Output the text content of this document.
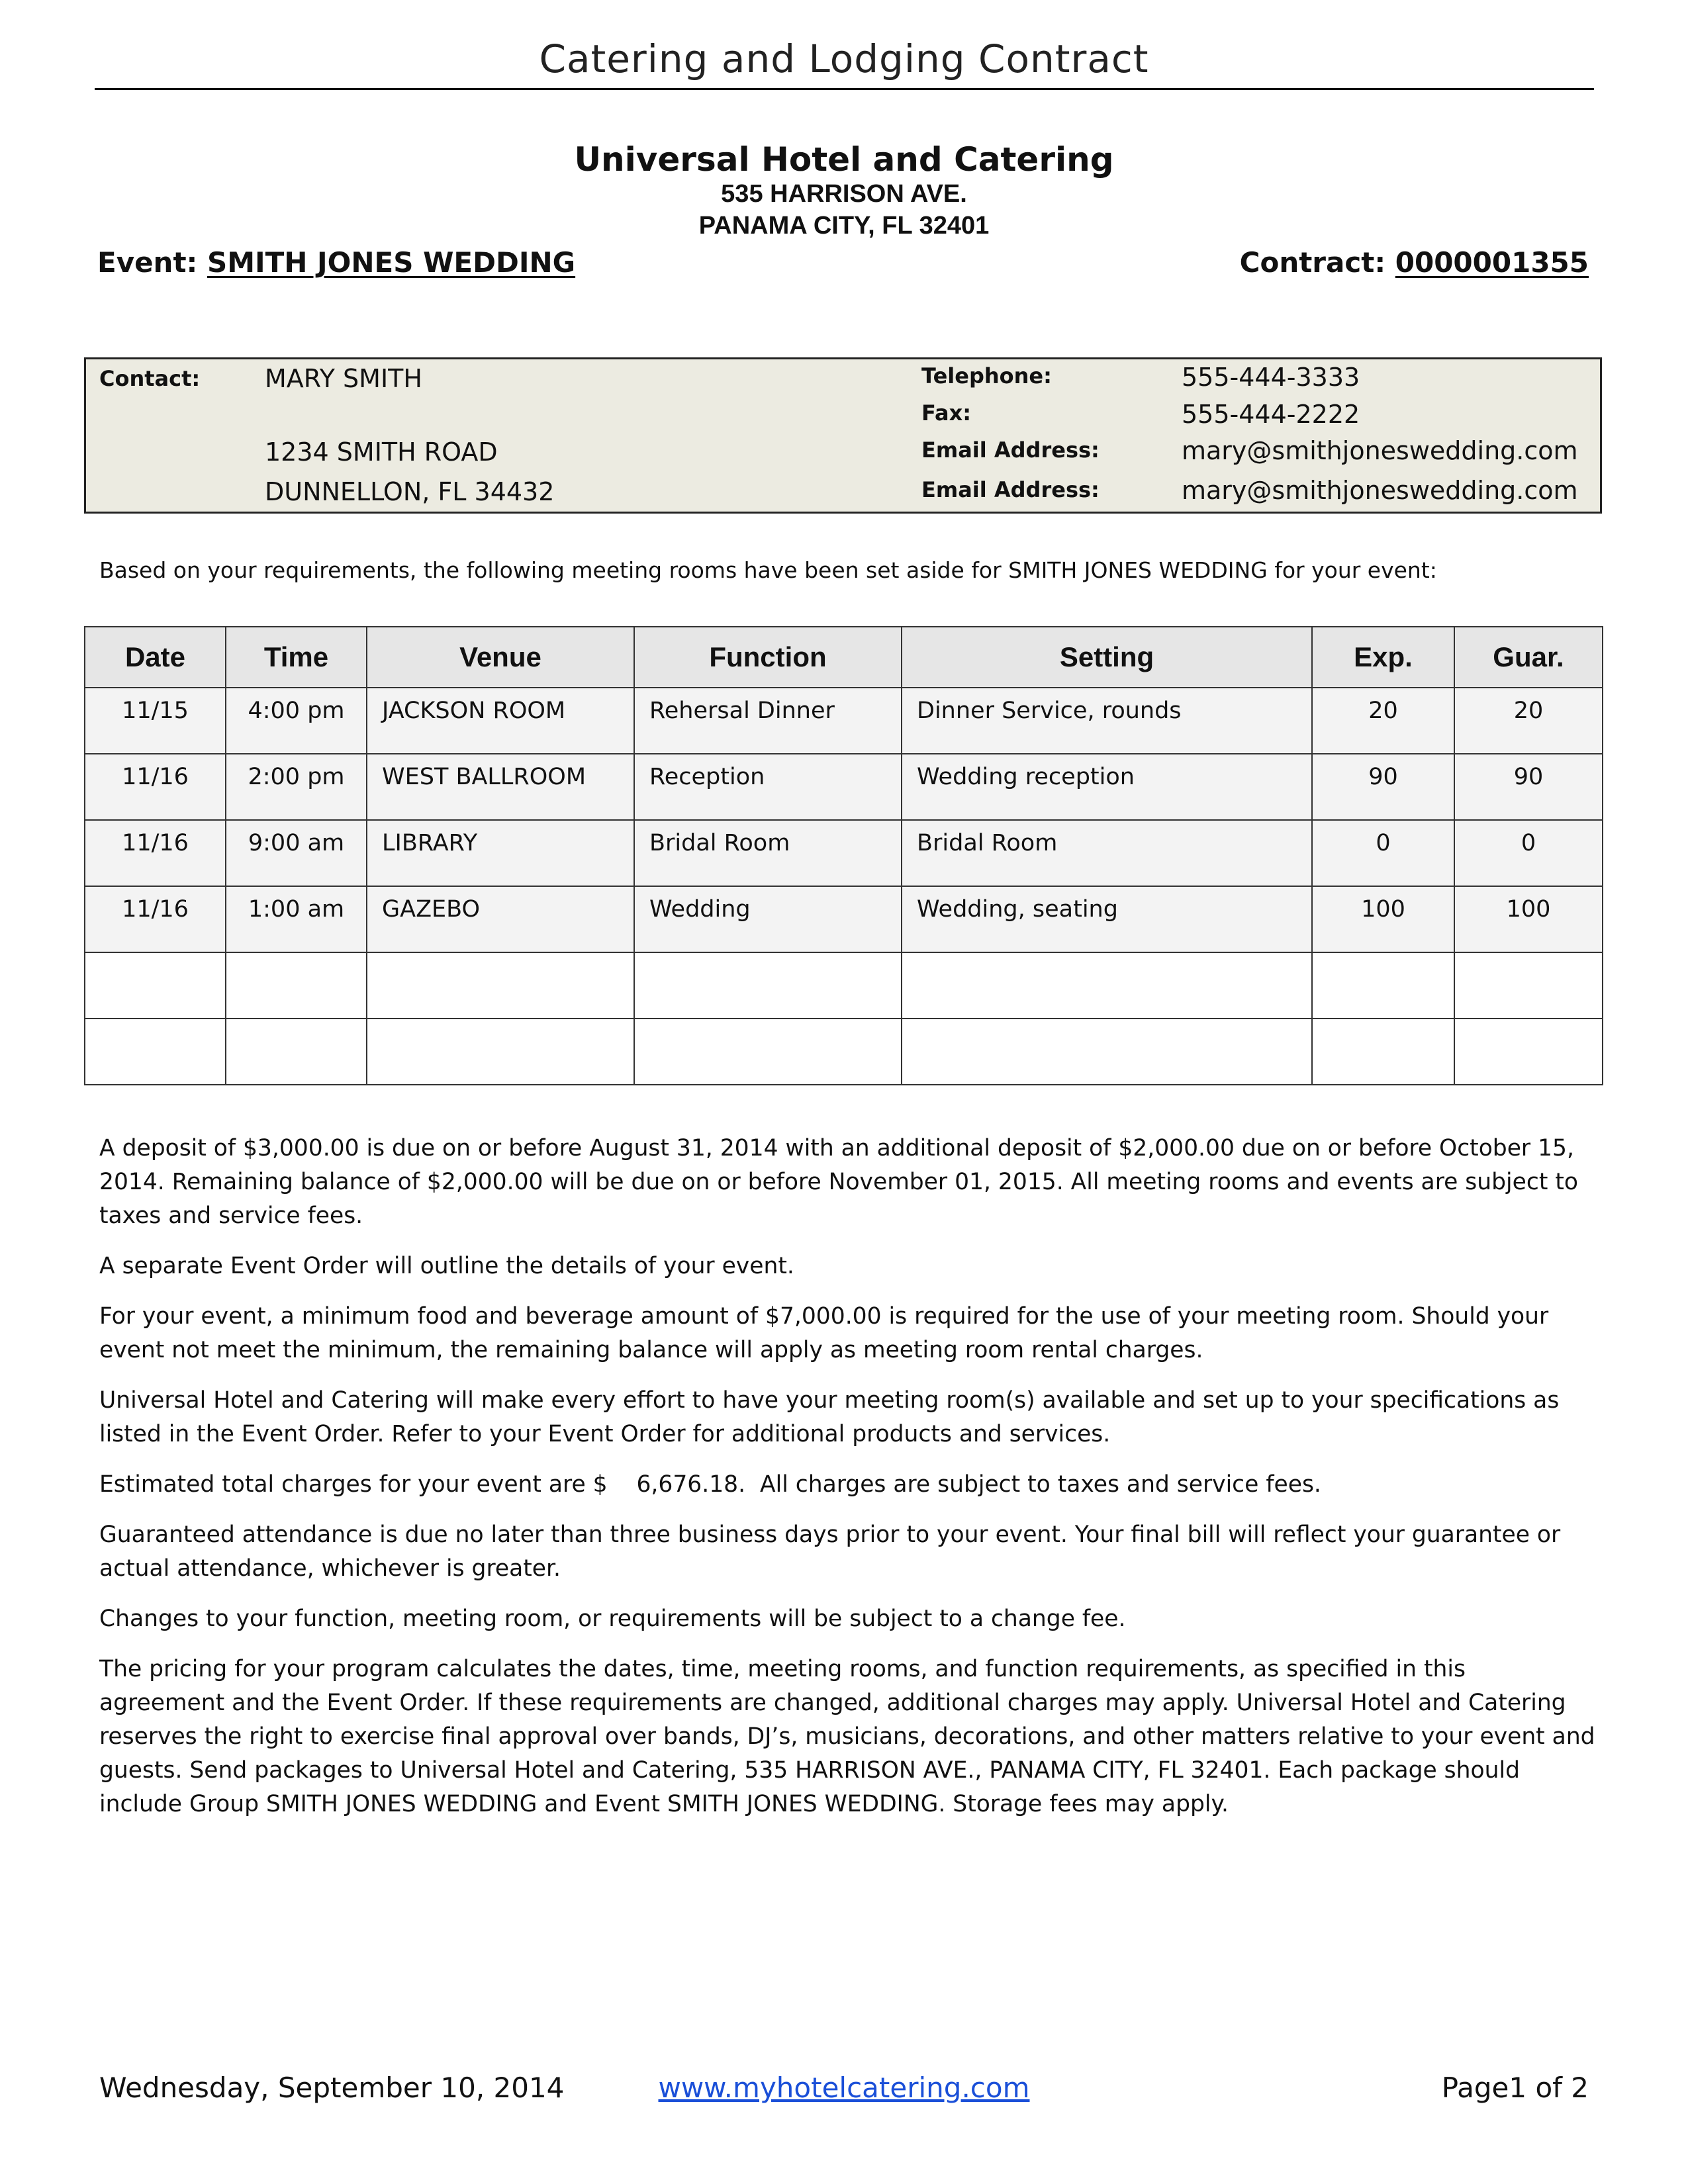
Catering and Lodging Contract
Universal Hotel and Catering
535 HARRISON AVE.
PANAMA CITY, FL 32401
Event: SMITH JONES WEDDING	Contract: 0000001355
Contact:	MARY SMITH
1234 SMITH ROAD
DUNNELLON, FL 34432
Telephone:	555-444-3333
Fax:	555-444-2222
Email Address:	mary@smithjoneswedding.com
Email Address:	mary@smithjoneswedding.com
Based on your requirements, the following meeting rooms have been set aside for SMITH JONES WEDDING for your event:
Date	Time	Venue	Function	Setting	Exp.	Guar.
11/15	4:00 pm	JACKSON ROOM	Rehersal Dinner	Dinner Service, rounds	20	20
11/16	2:00 pm	WEST BALLROOM	Reception	Wedding reception	90	90
11/16	9:00 am	LIBRARY	Bridal Room	Bridal Room	0	0
11/16	1:00 am	GAZEBO	Wedding	Wedding, seating	100	100

A deposit of $3,000.00 is due on or before August 31, 2014 with an additional deposit of $2,000.00 due on or before October 15, 2014. Remaining balance of $2,000.00 will be due on or before November 01, 2015. All meeting rooms and events are subject to taxes and service fees.

A separate Event Order will outline the details of your event.

For your event, a minimum food and beverage amount of $7,000.00 is required for the use of your meeting room. Should your event not meet the minimum, the remaining balance will apply as meeting room rental charges.

Universal Hotel and Catering will make every effort to have your meeting room(s) available and set up to your specifications as listed in the Event Order. Refer to your Event Order for additional products and services.

Estimated total charges for your event are $    6,676.18.  All charges are subject to taxes and service fees.

Guaranteed attendance is due no later than three business days prior to your event. Your final bill will reflect your guarantee or actual attendance, whichever is greater.

Changes to your function, meeting room, or requirements will be subject to a change fee.

The pricing for your program calculates the dates, time, meeting rooms, and function requirements, as specified in this agreement and the Event Order. If these requirements are changed, additional charges may apply. Universal Hotel and Catering reserves the right to exercise final approval over bands, DJ’s, musicians, decorations, and other matters relative to your event and guests. Send packages to Universal Hotel and Catering, 535 HARRISON AVE., PANAMA CITY, FL 32401. Each package should include Group SMITH JONES WEDDING and Event SMITH JONES WEDDING. Storage fees may apply.

Wednesday, September 10, 2014	www.myhotelcatering.com	Page1 of 2
